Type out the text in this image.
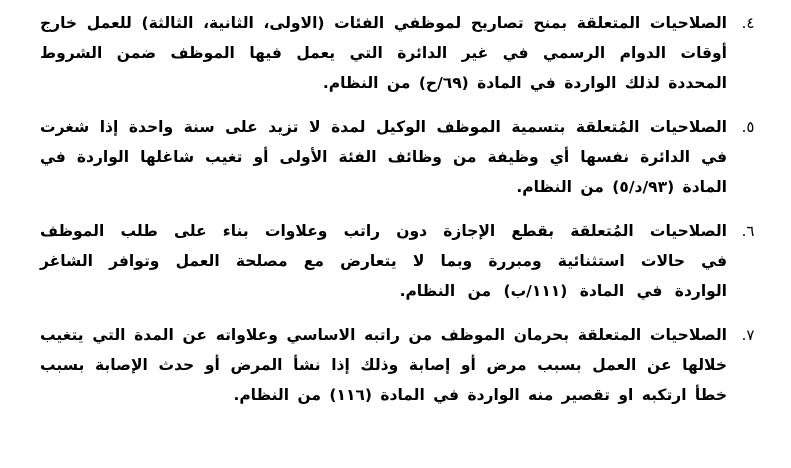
٤.
الصلاحيات المتعلقة بمنح تصاريح لموظفي الفئات (الاولى، الثانية، الثالثة) للعمل خارج أوقات الدوام الرسمي في غير الدائرة التي يعمل فيها الموظف ضمن الشروط المحددة لذلك الواردة في المادة (٦٩/ح) من النظام.
٥.
الصلاحيات المُتعلقة بتسمية الموظف الوكيل لمدة لا تزيد على سنة واحدة إذا شغرت في الدائرة نفسها أي وظيفة من وظائف الفئة الأولى أو تغيب شاغلها الواردة في المادة (٩٣/د/٥) من النظام.
٦.
الصلاحيات المُتعلقة بقطع الإجازة دون راتب وعلاوات بناء على طلب الموظف في حالات استثنائية ومبررة وبما لا يتعارض مع مصلحة العمل وتوافر الشاغر الواردة في المادة (١١١/ب) من النظام.
٧.
الصلاحيات المتعلقة بحرمان الموظف من راتبه الاساسي وعلاواته عن المدة التي يتغيب خلالها عن العمل بسبب مرض أو إصابة وذلك إذا نشأ المرض أو حدث الإصابة بسبب خطأ ارتكبه او تقصير منه الواردة في المادة (١١٦) من النظام.
